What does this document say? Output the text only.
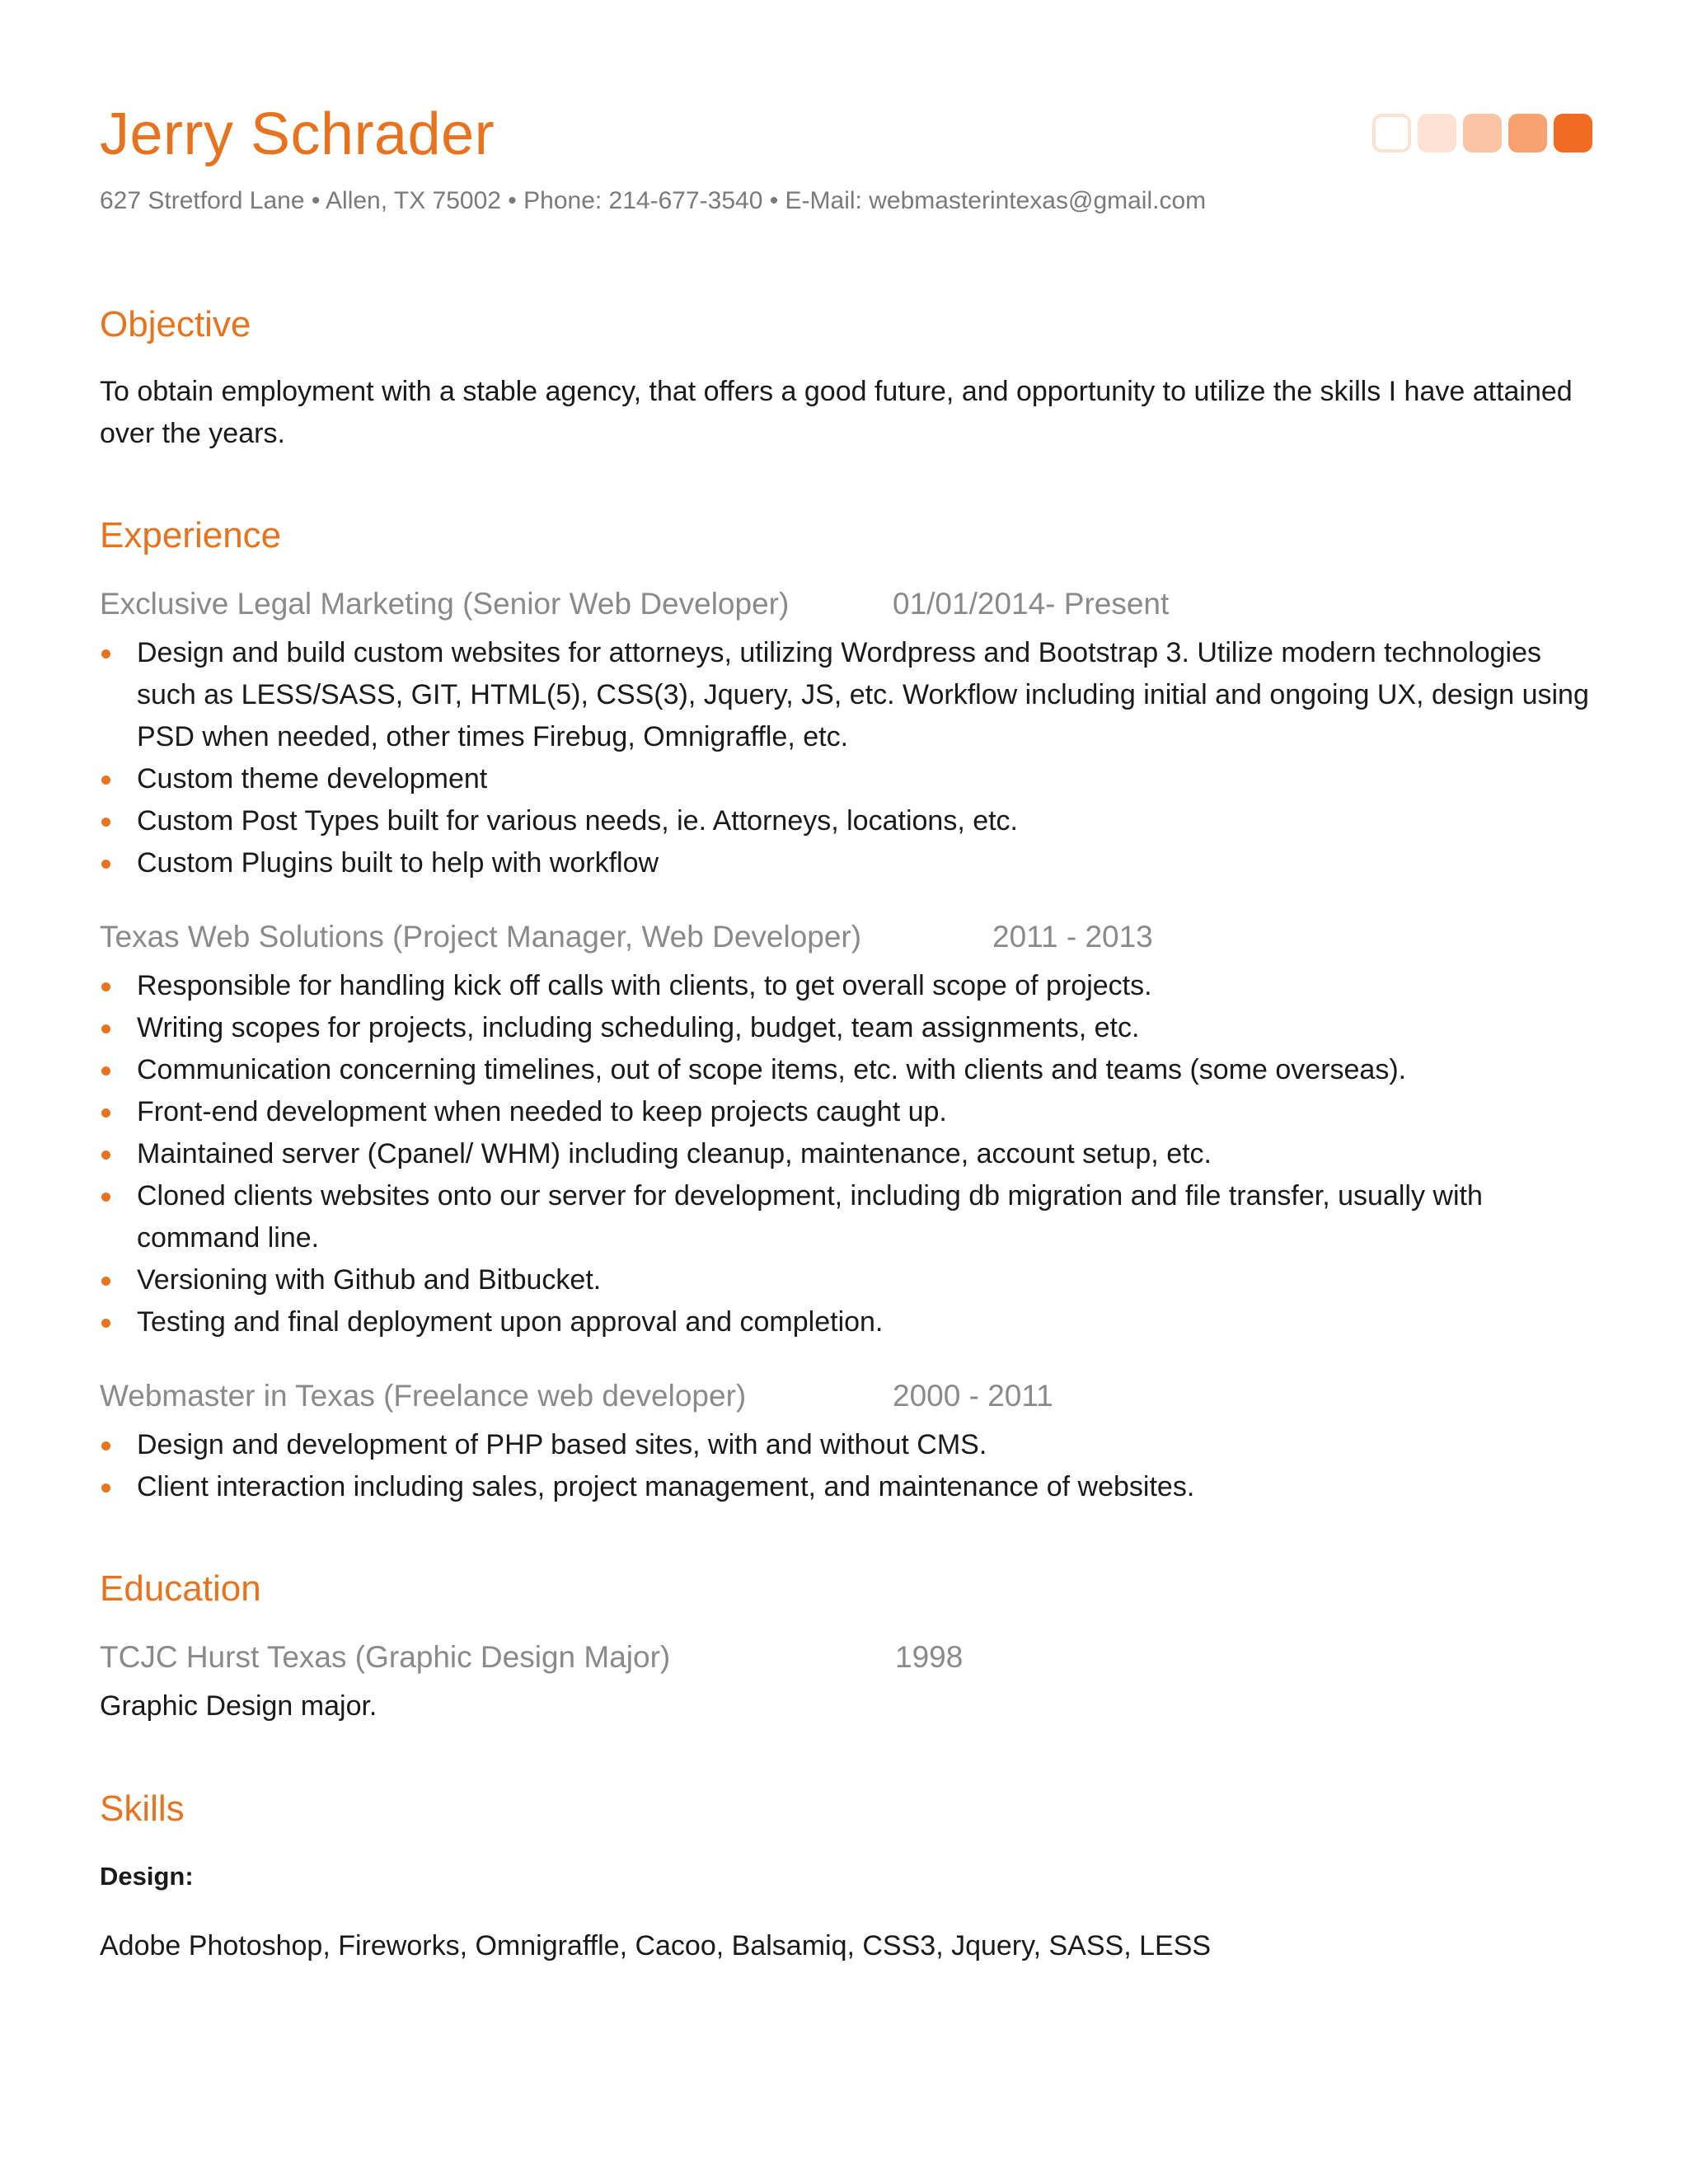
Jerry Schrader
627 Stretford Lane • Allen, TX 75002 • Phone: 214-677-3540 • E-Mail: webmasterintexas@gmail.com
Objective

To obtain employment with a stable agency, that offers a good future, and opportunity to utilize the skills I have attained over the years.

Experience
Exclusive Legal Marketing (Senior Web Developer)	01/01/2014- Present
Design and build custom websites for attorneys, utilizing Wordpress and Bootstrap 3. Utilize modern technologies such as LESS/SASS, GIT, HTML(5), CSS(3), Jquery, JS, etc. Workflow including initial and ongoing UX, design using PSD when needed, other times Firebug, Omnigraffle, etc.
Custom theme development
Custom Post Types built for various needs, ie. Attorneys, locations, etc.
Custom Plugins built to help with workflow
Texas Web Solutions (Project Manager, Web Developer)	2011 - 2013
Responsible for handling kick off calls with clients, to get overall scope of projects.
Writing scopes for projects, including scheduling, budget, team assignments, etc.
Communication concerning timelines, out of scope items, etc. with clients and teams (some overseas).
Front-end development when needed to keep projects caught up.
Maintained server (Cpanel/ WHM) including cleanup, maintenance, account setup, etc.
Cloned clients websites onto our server for development, including db migration and file transfer, usually with command line.
Versioning with Github and Bitbucket.
Testing and final deployment upon approval and completion.
Webmaster in Texas (Freelance web developer)	2000 - 2011
Design and development of PHP based sites, with and without CMS.
Client interaction including sales, project management, and maintenance of websites.
Education
TCJC Hurst Texas (Graphic Design Major)	1998

Graphic Design major.

Skills

Design:

Adobe Photoshop, Fireworks, Omnigraffle, Cacoo, Balsamiq, CSS3, Jquery, SASS, LESS
